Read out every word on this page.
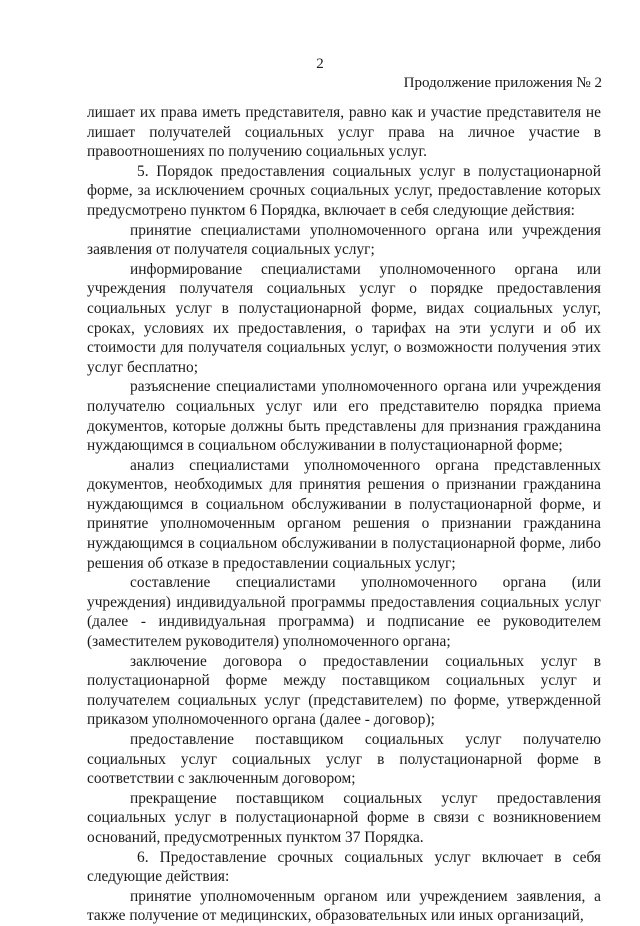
2
Продолжение приложения № 2

лишает их права иметь представителя, равно как и участие представителя не лишает получателей социальных услуг права на личное участие в правоотношениях по получению социальных услуг.

5. Порядок предоставления социальных услуг в полустационарной форме, за исключением срочных социальных услуг, предоставление которых предусмотрено пунктом 6 Порядка, включает в себя следующие действия:

принятие специалистами уполномоченного органа или учреждения заявления от получателя социальных услуг;

информирование специалистами уполномоченного органа или учреждения получателя социальных услуг о порядке предоставления социальных услуг в полустационарной форме, видах социальных услуг, сроках, условиях их предоставления, о тарифах на эти услуги и об их стоимости для получателя социальных услуг, о возможности получения этих услуг бесплатно;

разъяснение специалистами уполномоченного органа или учреждения получателю социальных услуг или его представителю порядка приема документов, которые должны быть представлены для признания гражданина нуждающимся в социальном обслуживании в полустационарной форме;

анализ специалистами уполномоченного органа представленных документов, необходимых для принятия решения о признании гражданина нуждающимся в социальном обслуживании в полустационарной форме, и принятие уполномоченным органом решения о признании гражданина нуждающимся в социальном обслуживании в полустационарной форме, либо решения об отказе в предоставлении социальных услуг;

составление специалистами уполномоченного органа (или учреждения) индивидуальной программы предоставления социальных услуг (далее - индивидуальная программа) и подписание ее руководителем (заместителем руководителя) уполномоченного органа;

заключение договора о предоставлении социальных услуг в полустационарной форме между поставщиком социальных услуг и получателем социальных услуг (представителем) по форме, утвержденной приказом уполномоченного органа (далее - договор);

предоставление поставщиком социальных услуг получателю социальных услуг социальных услуг в полустационарной форме в соответствии с заключенным договором;

прекращение поставщиком социальных услуг предоставления социальных услуг в полустационарной форме в связи с возникновением оснований, предусмотренных пунктом 37 Порядка.

6. Предоставление срочных социальных услуг включает в себя следующие действия:

принятие уполномоченным органом или учреждением заявления, а также получение от медицинских, образовательных или иных организаций,
